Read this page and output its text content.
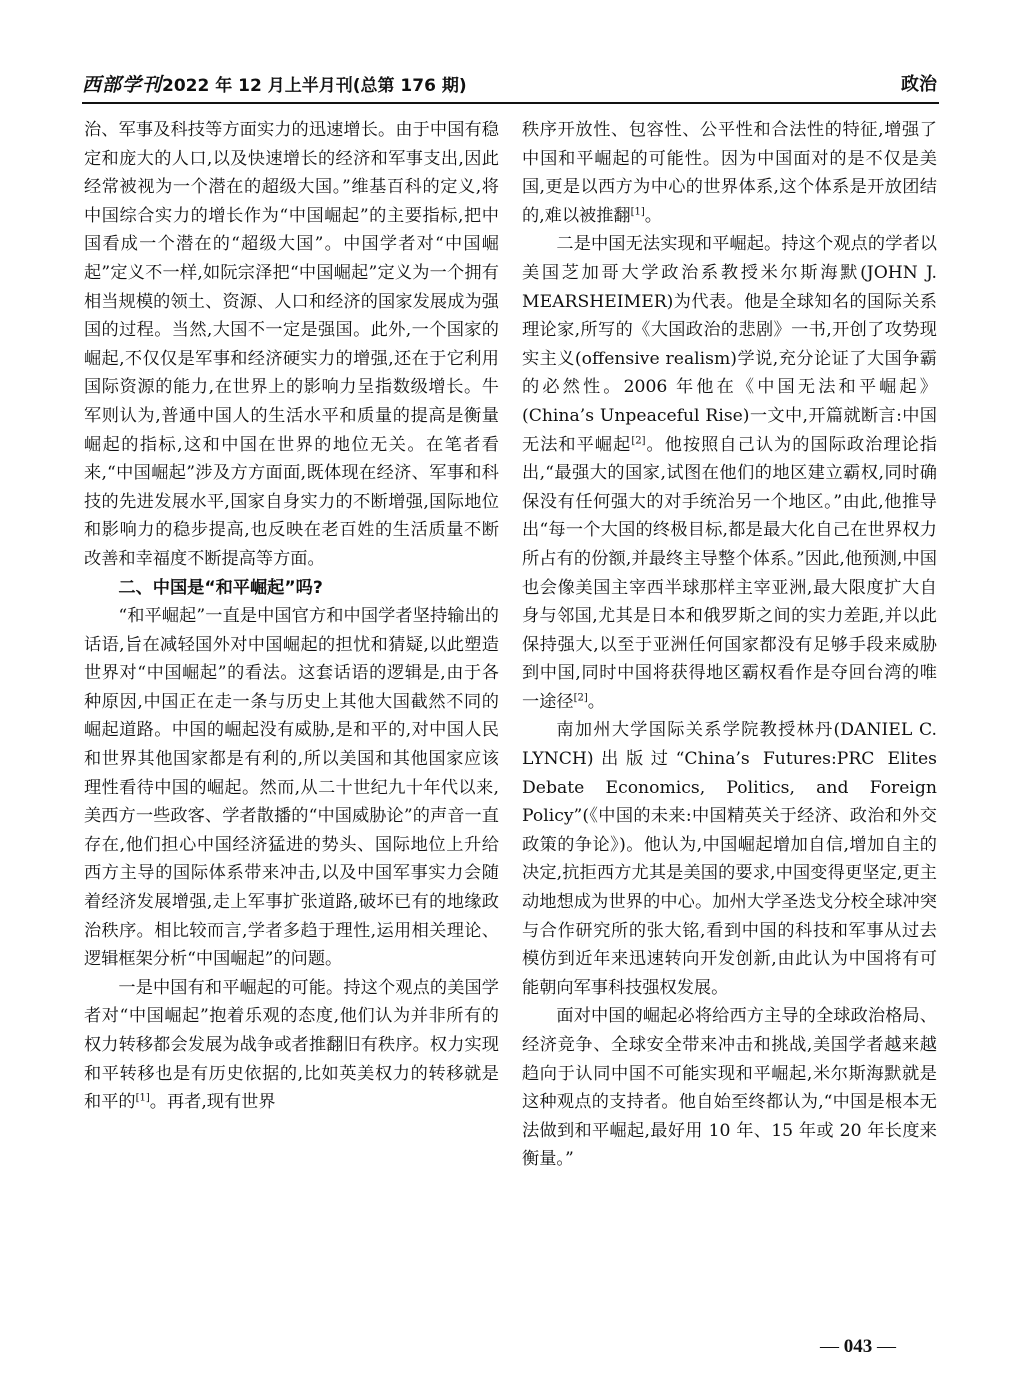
西部学刊 2022 年 12 月上半月刊(总第 176 期)	政治

治、军事及科技等方面实力的迅速增长。由于中国有稳定和庞大的人口,以及快速增长的经济和军事支出,因此经常被视为一个潜在的超级大国。”维基百科的定义,将中国综合实力的增长作为“中国崛起”的主要指标,把中国看成一个潜在的“超级大国”。中国学者对“中国崛起”定义不一样,如阮宗泽把“中国崛起”定义为一个拥有相当规模的领土、资源、人口和经济的国家发展成为强国的过程。当然,大国不一定是强国。此外,一个国家的崛起,不仅仅是军事和经济硬实力的增强,还在于它利用国际资源的能力,在世界上的影响力呈指数级增长。牛军则认为,普通中国人的生活水平和质量的提高是衡量崛起的指标,这和中国在世界的地位无关。在笔者看来,“中国崛起”涉及方方面面,既体现在经济、军事和科技的先进发展水平,国家自身实力的不断增强,国际地位和影响力的稳步提高,也反映在老百姓的生活质量不断改善和幸福度不断提高等方面。

二、中国是“和平崛起”吗?

“和平崛起”一直是中国官方和中国学者坚持输出的话语,旨在减轻国外对中国崛起的担忧和猜疑,以此塑造世界对“中国崛起”的看法。这套话语的逻辑是,由于各种原因,中国正在走一条与历史上其他大国截然不同的崛起道路。中国的崛起没有威胁,是和平的,对中国人民和世界其他国家都是有利的,所以美国和其他国家应该理性看待中国的崛起。然而,从二十世纪九十年代以来,美西方一些政客、学者散播的“中国威胁论”的声音一直存在,他们担心中国经济猛进的势头、国际地位上升给西方主导的国际体系带来冲击,以及中国军事实力会随着经济发展增强,走上军事扩张道路,破坏已有的地缘政治秩序。相比较而言,学者多趋于理性,运用相关理论、逻辑框架分析“中国崛起”的问题。

一是中国有和平崛起的可能。持这个观点的美国学者对“中国崛起”抱着乐观的态度,他们认为并非所有的权力转移都会发展为战争或者推翻旧有秩序。权力实现和平转移也是有历史依据的,比如英美权力的转移就是和平的[1]。再者,现有世界

秩序开放性、包容性、公平性和合法性的特征,增强了中国和平崛起的可能性。因为中国面对的是不仅是美国,更是以西方为中心的世界体系,这个体系是开放团结的,难以被推翻[1]。

二是中国无法实现和平崛起。持这个观点的学者以美国芝加哥大学政治系教授米尔斯海默(JOHN J. MEARSHEIMER)为代表。他是全球知名的国际关系理论家,所写的《大国政治的悲剧》一书,开创了攻势现实主义(offensive realism)学说,充分论证了大国争霸的必然性。2006 年他在《中国无法和平崛起》(China’s Unpeaceful Rise)一文中,开篇就断言:中国无法和平崛起[2]。他按照自己认为的国际政治理论指出,“最强大的国家,试图在他们的地区建立霸权,同时确保没有任何强大的对手统治另一个地区。”由此,他推导出“每一个大国的终极目标,都是最大化自己在世界权力所占有的份额,并最终主导整个体系。”因此,他预测,中国也会像美国主宰西半球那样主宰亚洲,最大限度扩大自身与邻国,尤其是日本和俄罗斯之间的实力差距,并以此保持强大,以至于亚洲任何国家都没有足够手段来威胁到中国,同时中国将获得地区霸权看作是夺回台湾的唯一途径[2]。

南加州大学国际关系学院教授林丹(DANIEL C. LYNCH)出版过“China’s Futures:PRC Elites Debate Economics, Politics, and Foreign Policy”(《中国的未来:中国精英关于经济、政治和外交政策的争论》)。他认为,中国崛起增加自信,增加自主的决定,抗拒西方尤其是美国的要求,中国变得更坚定,更主动地想成为世界的中心。加州大学圣迭戈分校全球冲突与合作研究所的张大铭,看到中国的科技和军事从过去模仿到近年来迅速转向开发创新,由此认为中国将有可能朝向军事科技强权发展。

面对中国的崛起必将给西方主导的全球政治格局、经济竞争、全球安全带来冲击和挑战,美国学者越来越趋向于认同中国不可能实现和平崛起,米尔斯海默就是这种观点的支持者。他自始至终都认为,“中国是根本无法做到和平崛起,最好用 10 年、15 年或 20 年长度来衡量。”

— 043 —
